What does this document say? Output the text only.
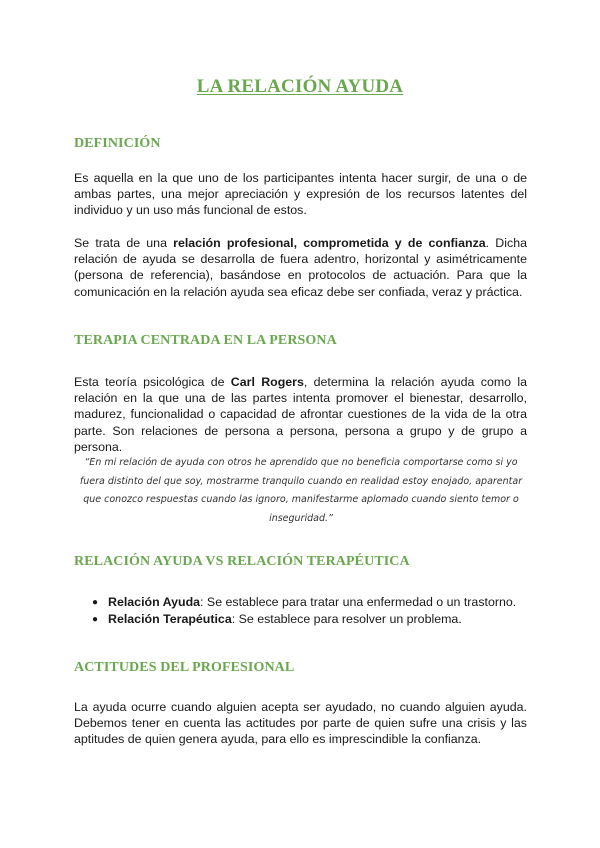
LA RELACIÓN AYUDA
DEFINICIÓN
Es aquella en la que uno de los participantes intenta hacer surgir, de una o de ambas partes, una mejor apreciación y expresión de los recursos latentes del individuo y un uso más funcional de estos.
Se trata de una relación profesional, comprometida y de confianza. Dicha relación de ayuda se desarrolla de fuera adentro, horizontal y asimétricamente (persona de referencia), basándose en protocolos de actuación. Para que la comunicación en la relación ayuda sea eficaz debe ser confiada, veraz y práctica.
TERAPIA CENTRADA EN LA PERSONA
Esta teoría psicológica de Carl Rogers, determina la relación ayuda como la relación en la que una de las partes intenta promover el bienestar, desarrollo, madurez, funcionalidad o capacidad de afrontar cuestiones de la vida de la otra parte. Son relaciones de persona a persona, persona a grupo y de grupo a persona.
“En mi relación de ayuda con otros he aprendido que no beneficia comportarse como si yo fuera distinto del que soy, mostrarme tranquilo cuando en realidad estoy enojado, aparentar que conozco respuestas cuando las ignoro, manifestarme aplomado cuando siento temor o inseguridad.”
RELACIÓN AYUDA VS RELACIÓN TERAPÉUTICA
● Relación Ayuda: Se establece para tratar una enfermedad o un trastorno.
● Relación Terapéutica: Se establece para resolver un problema.
ACTITUDES DEL PROFESIONAL
La ayuda ocurre cuando alguien acepta ser ayudado, no cuando alguien ayuda. Debemos tener en cuenta las actitudes por parte de quien sufre una crisis y las aptitudes de quien genera ayuda, para ello es imprescindible la confianza.
